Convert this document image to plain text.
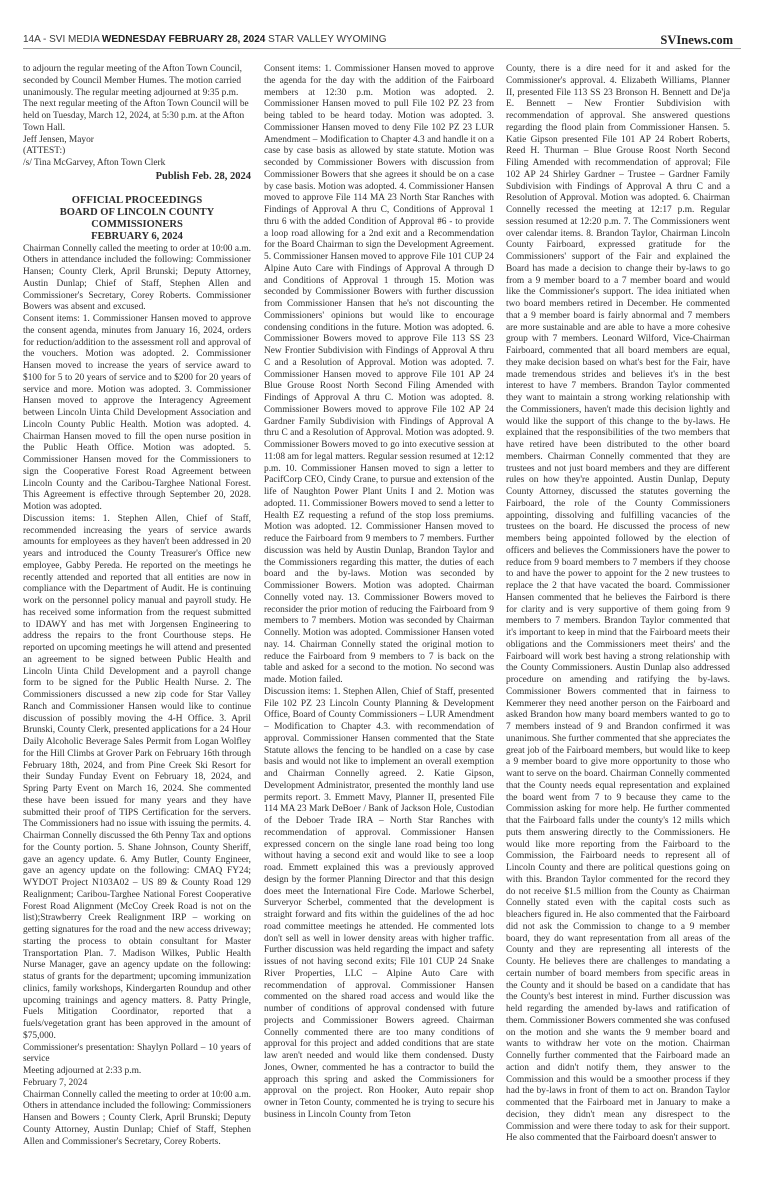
14A - SVI MEDIA WEDNESDAY FEBRUARY 28, 2024 STAR VALLEY WYOMING	SVInews.com

to adjourn the regular meeting of the Afton Town Council, seconded by Council Member Humes. The motion carried unanimously. The regular meeting adjourned at 9:35 p.m. The next regular meeting of the Afton Town Council will be held on Tuesday, March 12, 2024, at 5:30 p.m. at the Afton Town Hall.

Jeff Jensen, Mayor

(ATTEST:)

/s/ Tina McGarvey, Afton Town Clerk

Publish Feb. 28, 2024

OFFICIAL PROCEEDINGS

BOARD OF LINCOLN COUNTY COMMISSIONERS

FEBRUARY 6, 2024

Chairman Connelly called the meeting to order at 10:00 a.m. Others in attendance included the following: Commissioner Hansen; County Clerk, April Brunski; Deputy Attorney, Austin Dunlap; Chief of Staff, Stephen Allen and Commissioner's Secretary, Corey Roberts. Commissioner Bowers was absent and excused.

Consent items: 1. Commissioner Hansen moved to approve the consent agenda, minutes from January 16, 2024, orders for reduction/addition to the assessment roll and approval of the vouchers. Motion was adopted. 2. Commissioner Hansen moved to increase the years of service award to $100 for 5 to 20 years of service and to $200 for 20 years of service and more. Motion was adopted. 3. Commissioner Hansen moved to approve the Interagency Agreement between Lincoln Uinta Child Development Association and Lincoln County Public Health. Motion was adopted. 4. Chairman Hansen moved to fill the open nurse position in the Public Heath Office. Motion was adopted. 5. Commissioner Hansen moved for the Commissioners to sign the Cooperative Forest Road Agreement between Lincoln County and the Caribou-Targhee National Forest. This Agreement is effective through September 20, 2028. Motion was adopted.

Discussion items: 1. Stephen Allen, Chief of Staff, recommended increasing the years of service awards amounts for employees as they haven't been addressed in 20 years and introduced the County Treasurer's Office new employee, Gabby Pereda. He reported on the meetings he recently attended and reported that all entities are now in compliance with the Department of Audit. He is continuing work on the personnel policy manual and payroll study. He has received some information from the request submitted to IDAWY and has met with Jorgensen Engineering to address the repairs to the front Courthouse steps. He reported on upcoming meetings he will attend and presented an agreement to be signed between Public Health and Lincoln Uinta Child Development and a payroll change form to be signed for the Public Health Nurse. 2. The Commissioners discussed a new zip code for Star Valley Ranch and Commissioner Hansen would like to continue discussion of possibly moving the 4-H Office. 3. April Brunski, County Clerk, presented applications for a 24 Hour Daily Alcoholic Beverage Sales Permit from Logan Wolfley for the Hill Climbs at Grover Park on February 16th through February 18th, 2024, and from Pine Creek Ski Resort for their Sunday Funday Event on February 18, 2024, and Spring Party Event on March 16, 2024. She commented these have been issued for many years and they have submitted their proof of TIPS Certification for the servers. The Commissioners had no issue with issuing the permits. 4. Chairman Connelly discussed the 6th Penny Tax and options for the County portion. 5. Shane Johnson, County Sheriff, gave an agency update. 6. Amy Butler, County Engineer, gave an agency update on the following: CMAQ FY24; WYDOT Project N103A02 – US 89 & County Road 129 Realignment; Caribou-Targhee National Forest Cooperative Forest Road Alignment (McCoy Creek Road is not on the list);Strawberry Creek Realignment IRP – working on getting signatures for the road and the new access driveway; starting the process to obtain consultant for Master Transportation Plan. 7. Madison Wilkes, Public Health Nurse Manager, gave an agency update on the following: status of grants for the department; upcoming immunization clinics, family workshops, Kindergarten Roundup and other upcoming trainings and agency matters. 8. Patty Pringle, Fuels Mitigation Coordinator, reported that a fuels/vegetation grant has been approved in the amount of $75,000.

Commissioner's presentation: Shaylyn Pollard – 10 years of service

Meeting adjourned at 2:33 p.m.

February 7, 2024

Chairman Connelly called the meeting to order at 10:00 a.m. Others in attendance included the following: Commissioners Hansen and Bowers ; County Clerk, April Brunski; Deputy County Attorney, Austin Dunlap; Chief of Staff, Stephen Allen and Commissioner's Secretary, Corey Roberts.

Consent items: 1. Commissioner Hansen moved to approve the agenda for the day with the addition of the Fairboard members at 12:30 p.m. Motion was adopted. 2. Commissioner Hansen moved to pull File 102 PZ 23 from being tabled to be heard today. Motion was adopted. 3. Commissioner Hansen moved to deny File 102 PZ 23 LUR Amendment – Modification to Chapter 4.3 and handle it on a case by case basis as allowed by state statute. Motion was seconded by Commissioner Bowers with discussion from Commissioner Bowers that she agrees it should be on a case by case basis. Motion was adopted. 4. Commissioner Hansen moved to approve File 114 MA 23 North Star Ranches with Findings of Approval A thru C, Conditions of Approval 1 thru 6 with the added Condition of Approval #6 - to provide a loop road allowing for a 2nd exit and a Recommendation for the Board Chairman to sign the Development Agreement. 5. Commissioner Hansen moved to approve File 101 CUP 24 Alpine Auto Care with Findings of Approval A through D and Conditions of Approval 1 through 15. Motion was seconded by Commissioner Bowers with further discussion from Commissioner Hansen that he's not discounting the Commissioners' opinions but would like to encourage condensing conditions in the future. Motion was adopted. 6. Commissioner Bowers moved to approve File 113 SS 23 New Frontier Subdivision with Findings of Approval A thru C and a Resolution of Approval. Motion was adopted. 7. Commissioner Hansen moved to approve File 101 AP 24 Blue Grouse Roost North Second Filing Amended with Findings of Approval A thru C. Motion was adopted. 8. Commissioner Bowers moved to approve File 102 AP 24 Gardner Family Subdivision with Findings of Approval A thru C and a Resolution of Approval. Motion was adopted. 9. Commissioner Bowers moved to go into executive session at 11:08 am for legal matters. Regular session resumed at 12:12 p.m. 10. Commissioner Hansen moved to sign a letter to PacifCorp CEO, Cindy Crane, to pursue and extension of the life of Naughton Power Plant Units I and 2. Motion was adopted. 11. Commissioner Bowers moved to send a letter to Health EZ requesting a refund of the stop loss premiums. Motion was adopted. 12. Commissioner Hansen moved to reduce the Fairboard from 9 members to 7 members. Further discussion was held by Austin Dunlap, Brandon Taylor and the Commissioners regarding this matter, the duties of each board and the by-laws. Motion was seconded by Commissioner Bowers. Motion was adopted. Chairman Connelly voted nay. 13. Commissioner Bowers moved to reconsider the prior motion of reducing the Fairboard from 9 members to 7 members. Motion was seconded by Chairman Connelly. Motion was adopted. Commissioner Hansen voted nay. 14. Chairman Connelly stated the original motion to reduce the Fairboard from 9 members to 7 is back on the table and asked for a second to the motion. No second was made. Motion failed.

Discussion items: 1. Stephen Allen, Chief of Staff, presented File 102 PZ 23 Lincoln County Planning & Development Office, Board of County Commissioners – LUR Amendment – Modification to Chapter 4.3. with recommendation of approval. Commissioner Hansen commented that the State Statute allows the fencing to be handled on a case by case basis and would not like to implement an overall exemption and Chairman Connelly agreed. 2. Katie Gipson, Development Administrator, presented the monthly land use permits report. 3. Emmett Mavy, Planner II, presented File 114 MA 23 Mark DeBoer / Bank of Jackson Hole, Custodian of the Deboer Trade IRA – North Star Ranches with recommendation of approval. Commissioner Hansen expressed concern on the single lane road being too long without having a second exit and would like to see a loop road. Emmett explained this was a previously approved design by the former Planning Director and that this design does meet the International Fire Code. Marlowe Scherbel, Surveryor Scherbel, commented that the development is straight forward and fits within the guidelines of the ad hoc road committee meetings he attended. He commented lots don't sell as well in lower density areas with higher traffic. Further discussion was held regarding the impact and safety issues of not having second exits; File 101 CUP 24 Snake River Properties, LLC – Alpine Auto Care with recommendation of approval. Commissioner Hansen commented on the shared road access and would like the number of conditions of approval condensed with future projects and Commissioner Bowers agreed. Chairman Connelly commented there are too many conditions of approval for this project and added conditions that are state law aren't needed and would like them condensed. Dusty Jones, Owner, commented he has a contractor to build the approach this spring and asked the Commissioners for approval on the project. Ron Hooker, Auto repair shop owner in Teton County, commented he is trying to secure his business in Lincoln County from Teton

County, there is a dire need for it and asked for the Commissioner's approval. 4. Elizabeth Williams, Planner II, presented File 113 SS 23 Bronson H. Bennett and De'ja E. Bennett – New Frontier Subdivision with recommendation of approval. She answered questions regarding the flood plain from Commissioner Hansen. 5. Katie Gipson presented File 101 AP 24 Robert Roberts, Reed H. Thurman – Blue Grouse Roost North Second Filing Amended with recommendation of approval; File 102 AP 24 Shirley Gardner – Trustee – Gardner Family Subdivision with Findings of Approval A thru C and a Resolution of Approval. Motion was adopted. 6. Chairman Connelly recessed the meeting at 12:17 p.m. Regular session resumed at 12:20 p.m. 7. The Commissioners went over calendar items. 8. Brandon Taylor, Chairman Lincoln County Fairboard, expressed gratitude for the Commissioners' support of the Fair and explained the Board has made a decision to change their by-laws to go from a 9 member board to a 7 member board and would like the Commissioner's support. The idea initiated when two board members retired in December. He commented that a 9 member board is fairly abnormal and 7 members are more sustainable and are able to have a more cohesive group with 7 members. Leonard Wilford, Vice-Chairman Fairboard, commented that all board members are equal, they make decision based on what's best for the Fair, have made tremendous strides and believes it's in the best interest to have 7 members. Brandon Taylor commented they want to maintain a strong working relationship with the Commissioners, haven't made this decision lightly and would like the support of this change to the by-laws. He explained that the responsibilities of the two members that have retired have been distributed to the other board members. Chairman Connelly commented that they are trustees and not just board members and they are different rules on how they're appointed. Austin Dunlap, Deputy County Attorney, discussed the statutes governing the Fairboard, the role of the County Commissioners appointing, dissolving and fulfilling vacancies of the trustees on the board. He discussed the process of new members being appointed followed by the election of officers and believes the Commissioners have the power to reduce from 9 board members to 7 members if they choose to and have the power to appoint for the 2 new trustees to replace the 2 that have vacated the board. Commissioner Hansen commented that he believes the Fairbord is there for clarity and is very supportive of them going from 9 members to 7 members. Brandon Taylor commented that it's important to keep in mind that the Fairboard meets their obligations and the Commissioners meet theirs' and the Fairboard will work best having a strong relationship with the County Commissioners. Austin Dunlap also addressed procedure on amending and ratifying the by-laws. Commissioner Bowers commented that in fairness to Kemmerer they need another person on the Fairboard and asked Brandon how many board members wanted to go to 7 members instead of 9 and Brandon confirmed it was unanimous. She further commented that she appreciates the great job of the Fairboard members, but would like to keep a 9 member board to give more opportunity to those who want to serve on the board. Chairman Connelly commented that the County needs equal representation and explained the board went from 7 to 9 because they came to the Commission asking for more help. He further commented that the Fairboard falls under the county's 12 mills which puts them answering directly to the Commissioners. He would like more reporting from the Fairboard to the Commission, the Fairboard needs to represent all of Lincoln County and there are political questions going on with this. Brandon Taylor commented for the record they do not receive $1.5 million from the County as Chairman Connelly stated even with the capital costs such as bleachers figured in. He also commented that the Fairboard did not ask the Commission to change to a 9 member board, they do want representation from all areas of the County and they are representing all interests of the County. He believes there are challenges to mandating a certain number of board members from specific areas in the County and it should be based on a candidate that has the County's best interest in mind. Further discussion was held regarding the amended by-laws and ratification of them. Commissioner Bowers commented she was confused on the motion and she wants the 9 member board and wants to withdraw her vote on the motion. Chairman Connelly further commented that the Fairboard made an action and didn't notify them, they answer to the Commission and this would be a smoother process if they had the by-laws in front of them to act on. Brandon Taylor commented that the Fairboard met in January to make a decision, they didn't mean any disrespect to the Commission and were there today to ask for their support. He also commented that the Fairboard doesn't answer to
